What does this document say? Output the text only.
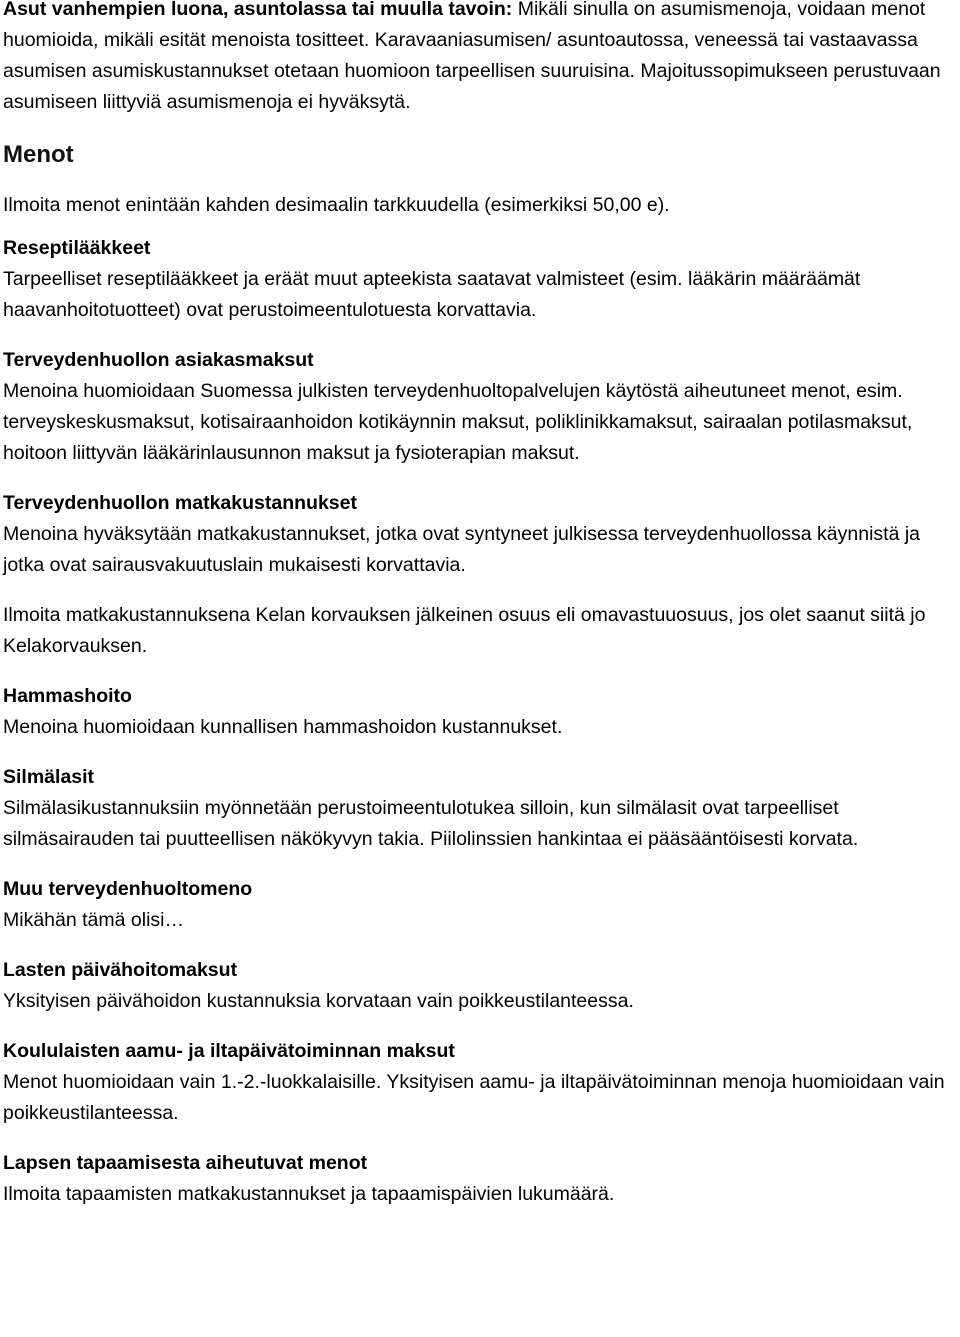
Asut vanhempien luona, asuntolassa tai muulla tavoin: Mikäli sinulla on asumismenoja, voidaan menot huomioida, mikäli esität menoista tositteet. Karavaaniasumisen/ asuntoautossa, veneessä tai vastaavassa asumisen asumiskustannukset otetaan huomioon tarpeellisen suuruisina. Majoitussopimukseen perustuvaan asumiseen liittyviä asumismenoja ei hyväksytä.

Menot

Ilmoita menot enintään kahden desimaalin tarkkuudella (esimerkiksi 50,00 e).

Reseptilääkkeet

Tarpeelliset reseptilääkkeet ja eräät muut apteekista saatavat valmisteet (esim. lääkärin määräämät haavanhoitotuotteet) ovat perustoimeentulotuesta korvattavia.

Terveydenhuollon asiakasmaksut

Menoina huomioidaan Suomessa julkisten terveydenhuoltopalvelujen käytöstä aiheutuneet menot, esim. terveyskeskusmaksut, kotisairaanhoidon kotikäynnin maksut, poliklinikkamaksut, sairaalan potilasmaksut, hoitoon liittyvän lääkärinlausunnon maksut ja fysioterapian maksut.

Terveydenhuollon matkakustannukset

Menoina hyväksytään matkakustannukset, jotka ovat syntyneet julkisessa terveydenhuollossa käynnistä ja jotka ovat sairausvakuutuslain mukaisesti korvattavia.

Ilmoita matkakustannuksena Kelan korvauksen jälkeinen osuus eli omavastuuosuus, jos olet saanut siitä jo Kelakorvauksen.

Hammashoito

Menoina huomioidaan kunnallisen hammashoidon kustannukset.

Silmälasit

Silmälasikustannuksiin myönnetään perustoimeentulotukea silloin, kun silmälasit ovat tarpeelliset silmäsairauden tai puutteellisen näkökyvyn takia. Piilolinssien hankintaa ei pääsääntöisesti korvata.

Muu terveydenhuoltomeno

Mikähän tämä olisi…

Lasten päivähoitomaksut

Yksityisen päivähoidon kustannuksia korvataan vain poikkeustilanteessa.

Koululaisten aamu- ja iltapäivätoiminnan maksut

Menot huomioidaan vain 1.-2.-luokkalaisille. Yksityisen aamu- ja iltapäivätoiminnan menoja huomioidaan vain poikkeustilanteessa.

Lapsen tapaamisesta aiheutuvat menot

Ilmoita tapaamisten matkakustannukset ja tapaamispäivien lukumäärä.
